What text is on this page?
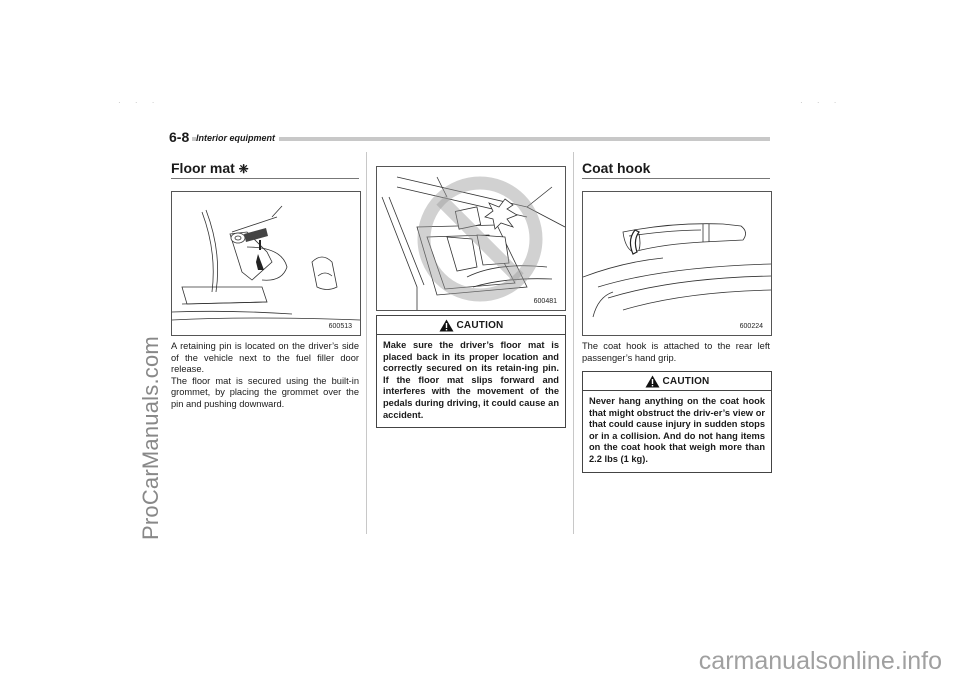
ProCarManuals.com
carmanualsonline.info
· · ·	· · ·
6-8 Interior equipment
Floor mat ❈
600513

A retaining pin is located on the driver’s side of the vehicle next to the fuel filler door release.

The floor mat is secured using the built-in grommet, by placing the grommet over the pin and pushing downward.

600481
CAUTION
Make sure the driver’s floor mat is placed back in its proper location and correctly secured on its retain-ing pin. If the floor mat slips forward and interferes with the movement of the pedals during driving, it could cause an accident.
Coat hook
600224
The coat hook is attached to the rear left passenger’s hand grip.
CAUTION
Never hang anything on the coat hook that might obstruct the driv-er’s view or that could cause injury in sudden stops or in a collision. And do not hang items on the coat hook that weigh more than 2.2 lbs (1 kg).
